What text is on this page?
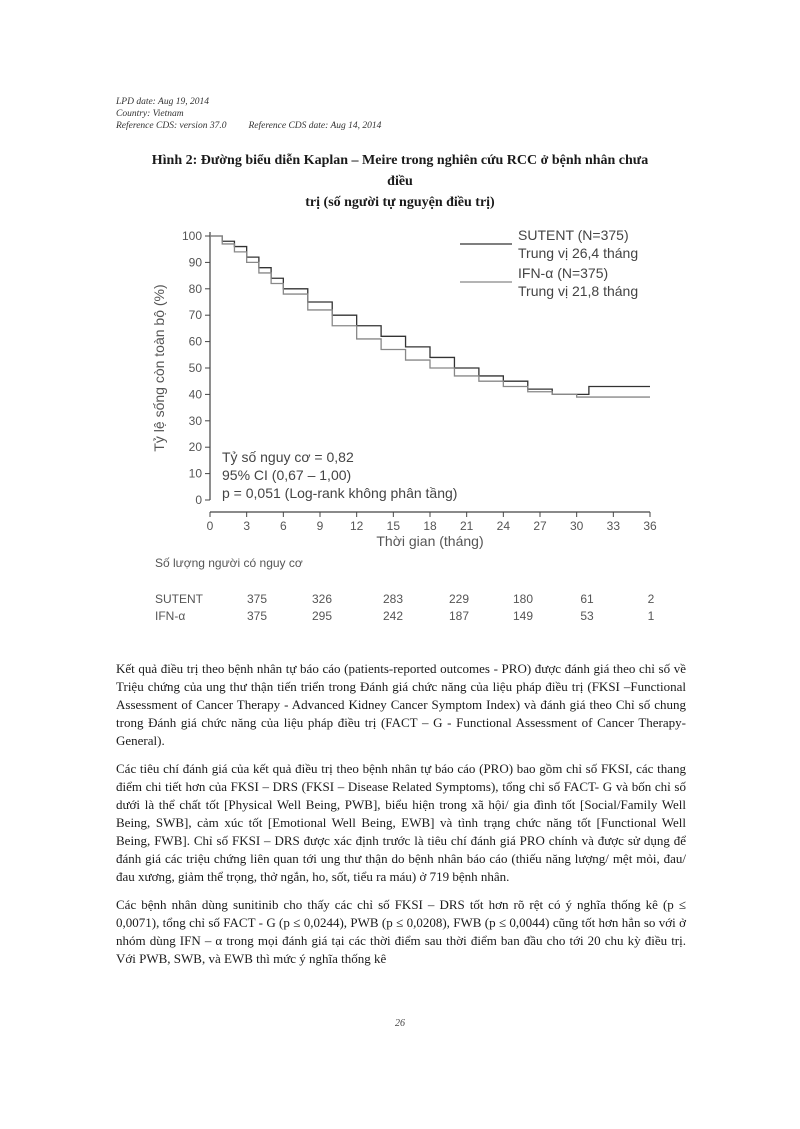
LPD date: Aug 19, 2014
Country: Vietnam
Reference CDS: version 37.0 Reference CDS date: Aug 14, 2014
Hình 2: Đường biểu diễn Kaplan – Meire trong nghiên cứu RCC ở bệnh nhân chưa điều
trị (số người tự nguyện điều trị)
0
10
20
30
40
50
60
70
80
90
100
0 3 6 9 12 15 18 21 24 27 30 33 36
Thời gian (tháng)
Tỷ lệ sống còn toàn bộ (%)
SUTENT (N=375)
Trung vị 26,4 tháng
IFN-α (N=375)
Trung vị 21,8 tháng
Tỷ số nguy cơ = 0,82
95% CI (0,67 – 1,00)
p = 0,051 (Log-rank không phân tầng)
Số lượng người có nguy cơ
SUTENT	375	326	283	229	180	61	2
IFN-α	375	295	242	187	149	53	1

Kết quả điều trị theo bệnh nhân tự báo cáo (patients-reported outcomes - PRO) được đánh giá theo chỉ số về Triệu chứng của ung thư thận tiến triển trong Đánh giá chức năng của liệu pháp điều trị (FKSI –Functional Assessment of Cancer Therapy - Advanced Kidney Cancer Symptom Index) và đánh giá theo Chỉ số chung trong Đánh giá chức năng của liệu pháp điều trị (FACT – G - Functional Assessment of Cancer Therapy-General).

Các tiêu chí đánh giá của kết quả điều trị theo bệnh nhân tự báo cáo (PRO) bao gồm chỉ số FKSI, các thang điểm chi tiết hơn của FKSI – DRS (FKSI – Disease Related Symptoms), tổng chỉ số FACT- G và bốn chỉ số dưới là thể chất tốt [Physical Well Being, PWB], biểu hiện trong xã hội/ gia đình tốt [Social/Family Well Being, SWB], cảm xúc tốt [Emotional Well Being, EWB] và tình trạng chức năng tốt [Functional Well Being, FWB]. Chỉ số FKSI – DRS được xác định trước là tiêu chí đánh giá PRO chính và được sử dụng để đánh giá các triệu chứng liên quan tới ung thư thận do bệnh nhân báo cáo (thiếu năng lượng/ mệt mỏi, đau/ đau xương, giảm thể trọng, thở ngắn, ho, sốt, tiểu ra máu) ở 719 bệnh nhân.

Các bệnh nhân dùng sunitinib cho thấy các chỉ số FKSI – DRS tốt hơn rõ rệt có ý nghĩa thống kê (p ≤ 0,0071), tổng chỉ số FACT - G (p ≤ 0,0244), PWB (p ≤ 0,0208), FWB (p ≤ 0,0044) cũng tốt hơn hẳn so với ở nhóm dùng IFN – α trong mọi đánh giá tại các thời điểm sau thời điểm ban đầu cho tới 20 chu kỳ điều trị. Với PWB, SWB, và EWB thì mức ý nghĩa thống kê

26
